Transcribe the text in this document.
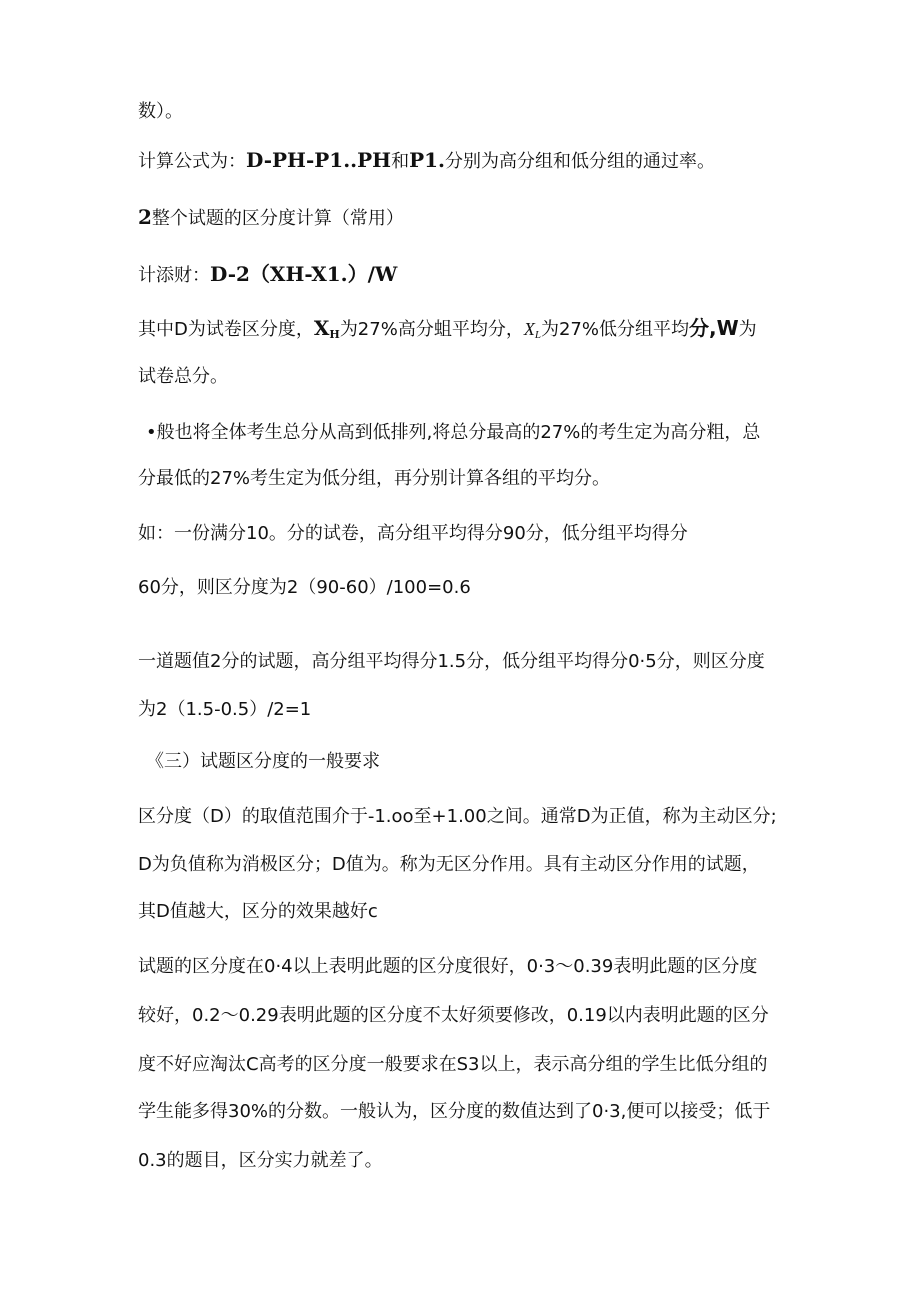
数）。
计算公式为：D-PH-P1..PH和P1.分别为高分组和低分组的通过率。
2整个试题的区分度计算（常用）
计添财：D-2（XH-X1.）/W
其中D为试卷区分度，$X_H$为27%高分蛆平均分，$X_L$为27%低分组平均分,W为
试卷总分。
•般也将全体考生总分从高到低排列,将总分最高的27%的考生定为高分粗，总
分最低的27%考生定为低分组，再分别计算各组的平均分。
如：一份满分10。分的试卷，高分组平均得分90分，低分组平均得分
60分，则区分度为2（90-60）/100=0.6
一道题值2分的试题，高分组平均得分1.5分，低分组平均得分0·5分，则区分度
为2（1.5-0.5）/2=1
《三）试题区分度的一般要求
区分度（D）的取值范围介于-1.oo至+1.00之间。通常D为正值，称为主动区分;
D为负值称为消极区分；D值为。称为无区分作用。具有主动区分作用的试题，
其D值越大，区分的效果越好c
试题的区分度在0·4以上表明此题的区分度很好，0·3～0.39表明此题的区分度
较好，0.2～0.29表明此题的区分度不太好须要修改，0.19以内表明此题的区分
度不好应淘汰C高考的区分度一般要求在S3以上，表示高分组的学生比低分组的
学生能多得30%的分数。一般认为，区分度的数值达到了0·3,便可以接受；低于
0.3的题目，区分实力就差了。
